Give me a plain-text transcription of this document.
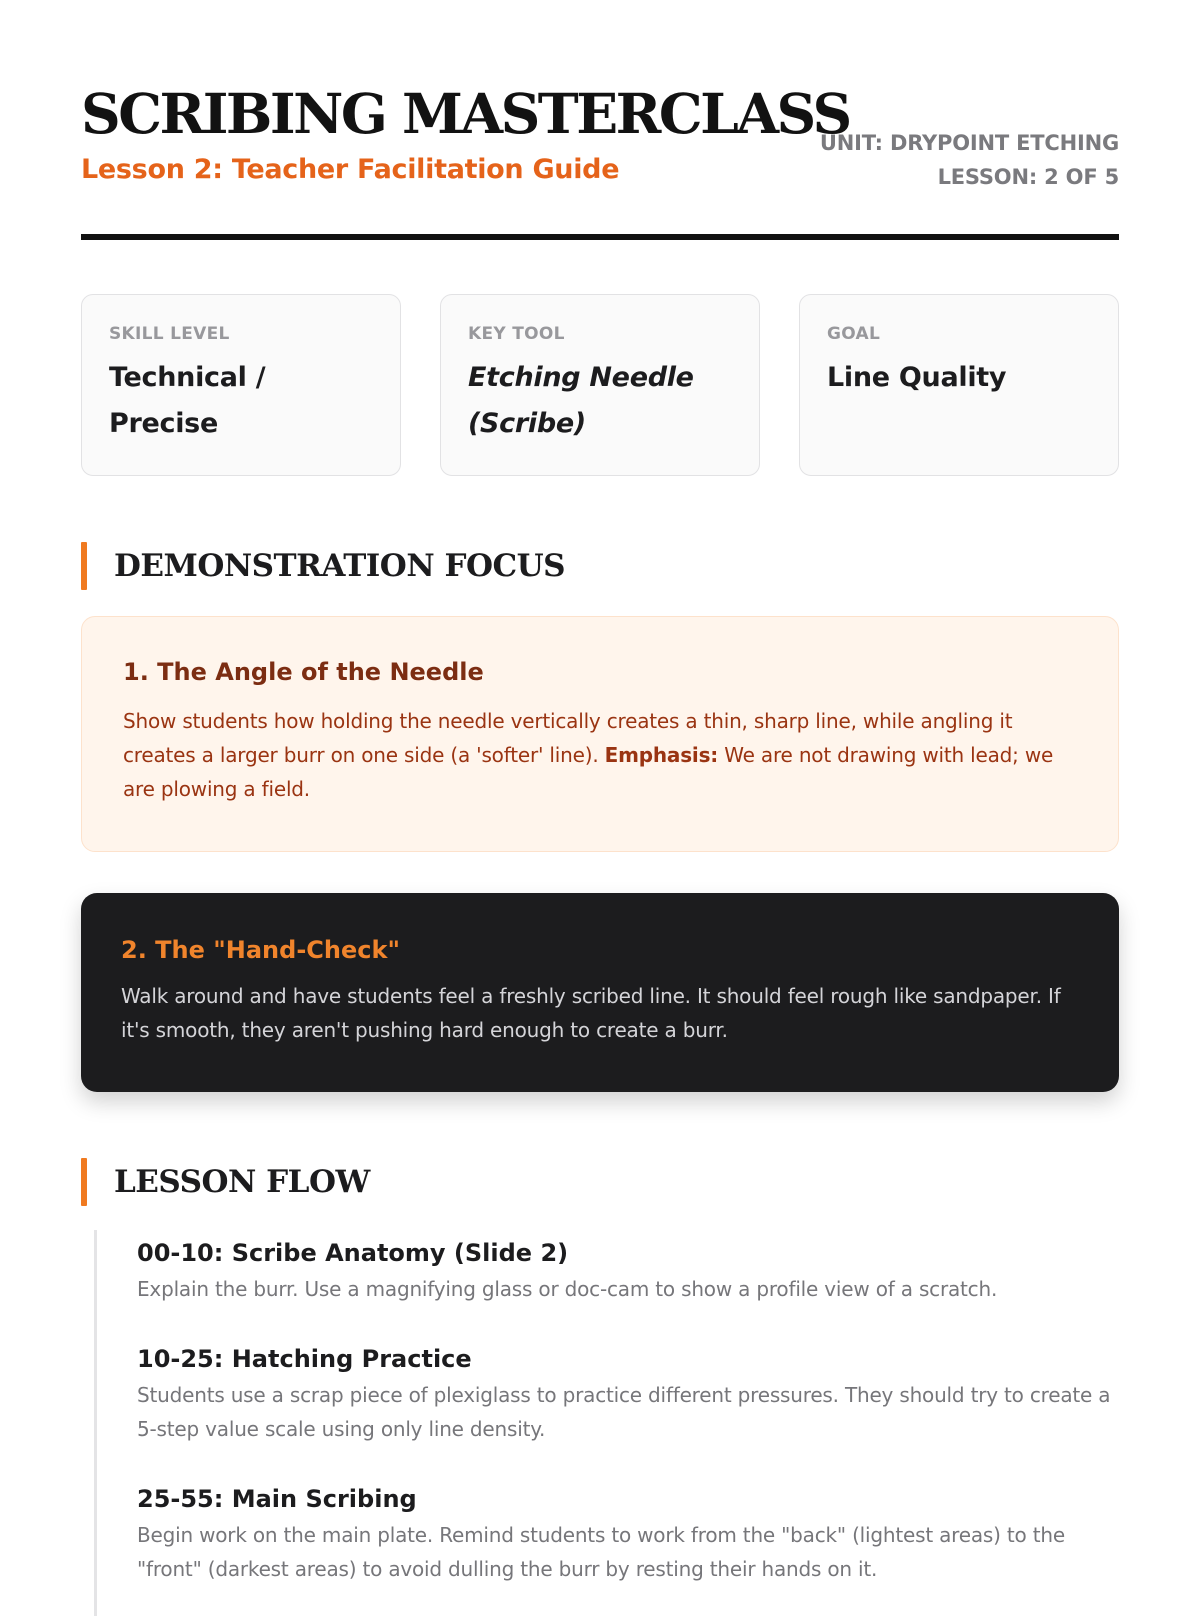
SCRIBING MASTERCLASS
Lesson 2: Teacher Facilitation Guide
UNIT: DRYPOINT ETCHING
LESSON: 2 OF 5
SKILL LEVEL
Technical / Precise
KEY TOOL
Etching Needle (Scribe)
GOAL
Line Quality
DEMONSTRATION FOCUS
1. The Angle of the Needle
Show students how holding the needle vertically creates a thin, sharp line, while angling it creates a larger burr on one side (a 'softer' line). Emphasis: We are not drawing with lead; we are plowing a field.
2. The "Hand-Check"
Walk around and have students feel a freshly scribed line. It should feel rough like sandpaper. If it's smooth, they aren't pushing hard enough to create a burr.
LESSON FLOW
00-10: Scribe Anatomy (Slide 2)
Explain the burr. Use a magnifying glass or doc-cam to show a profile view of a scratch.
10-25: Hatching Practice
Students use a scrap piece of plexiglass to practice different pressures. They should try to create a 5-step value scale using only line density.
25-55: Main Scribing
Begin work on the main plate. Remind students to work from the "back" (lightest areas) to the "front" (darkest areas) to avoid dulling the burr by resting their hands on it.
